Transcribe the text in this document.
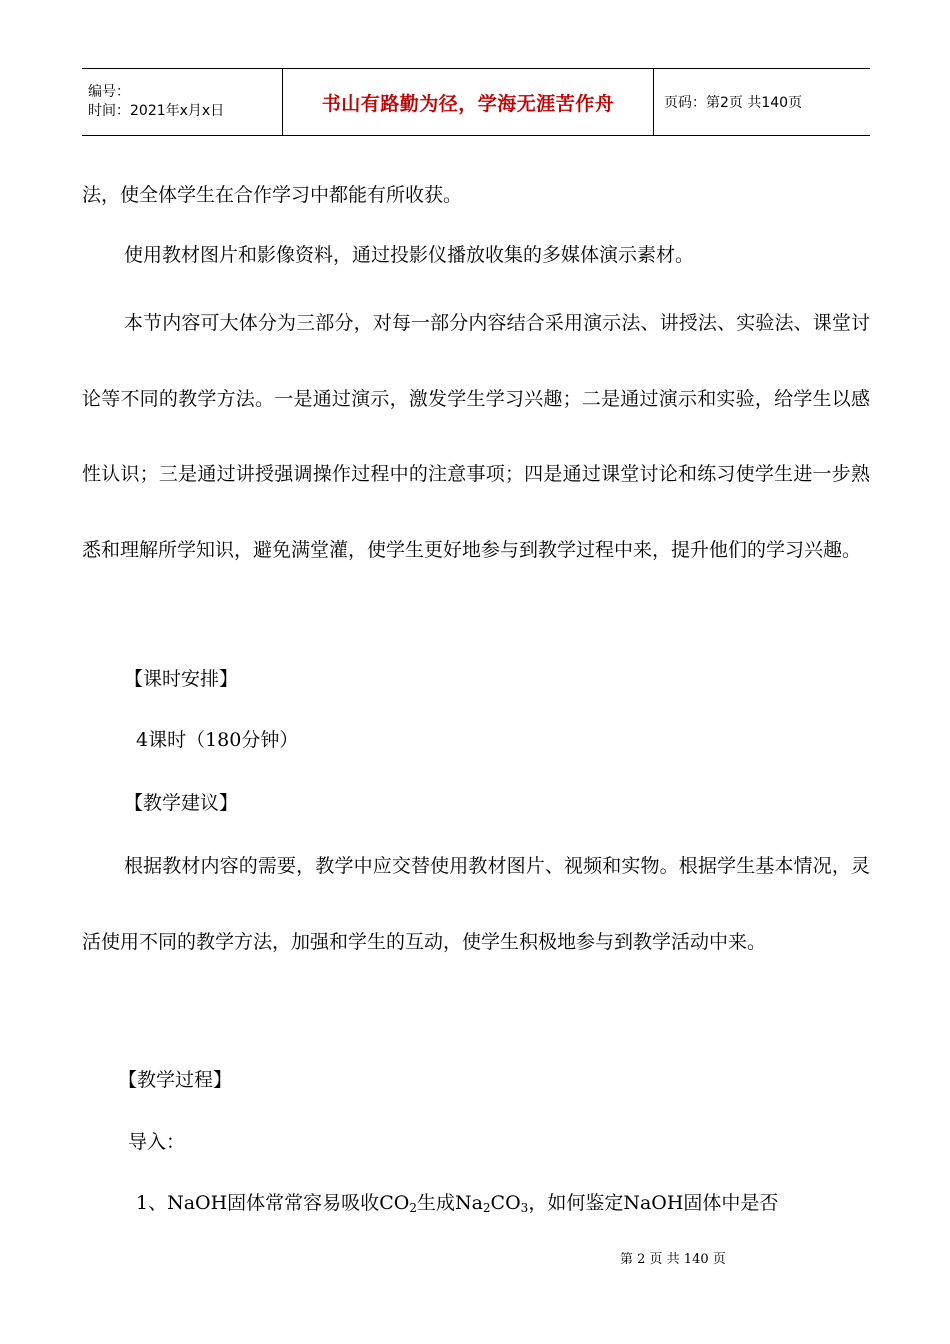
编号：
时间：2021年x月x日	书山有路勤为径，学海无涯苦作舟	页码：第2页 共140页

法，使全体学生在合作学习中都能有所收获。

使用教材图片和影像资料，通过投影仪播放收集的多媒体演示素材。

本节内容可大体分为三部分，对每一部分内容结合采用演示法、讲授法、实验法、课堂讨论等不同的教学方法。一是通过演示，激发学生学习兴趣；二是通过演示和实验，给学生以感性认识；三是通过讲授强调操作过程中的注意事项；四是通过课堂讨论和练习使学生进一步熟悉和理解所学知识，避免满堂灌，使学生更好地参与到教学过程中来，提升他们的学习兴趣。

【课时安排】

4课时（180分钟）

【教学建议】

根据教材内容的需要，教学中应交替使用教材图片、视频和实物。根据学生基本情况，灵活使用不同的教学方法，加强和学生的互动，使学生积极地参与到教学活动中来。

【教学过程】

导入：

1、NaOH固体常常容易吸收$CO_2$生成$Na_2CO_3$，如何鉴定NaOH固体中是否

第 2 页 共 140 页
